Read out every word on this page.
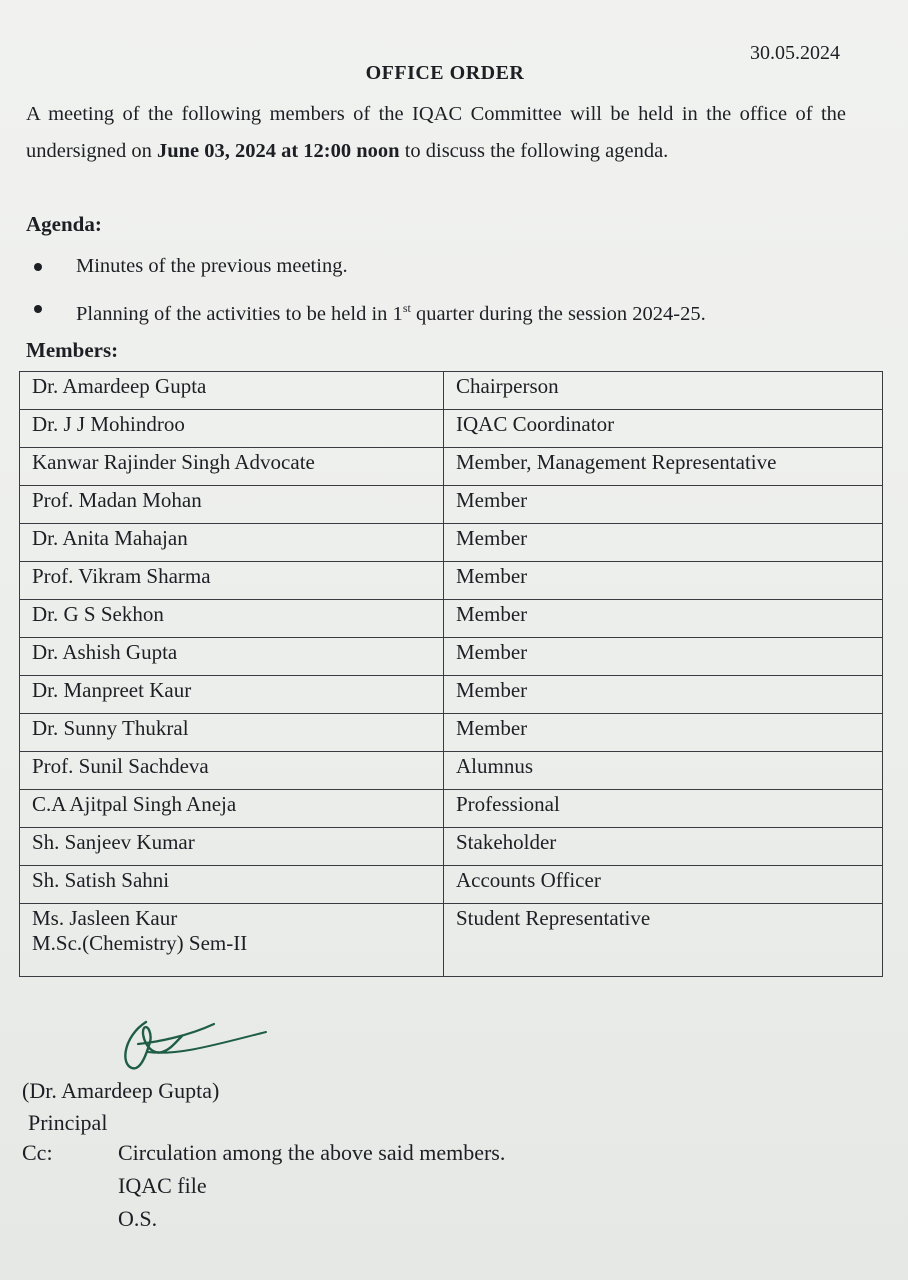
30.05.2024
OFFICE ORDER
A meeting of the following members of the IQAC Committee will be held in the office of the undersigned on June 03, 2024 at 12:00 noon to discuss the following agenda.
Agenda:
Minutes of the previous meeting.
Planning of the activities to be held in 1st quarter during the session 2024-25.
Members:
Dr. Amardeep Gupta	Chairperson
Dr. J J Mohindroo	IQAC Coordinator
Kanwar Rajinder Singh Advocate	Member, Management Representative
Prof. Madan Mohan	Member
Dr. Anita Mahajan	Member
Prof. Vikram Sharma	Member
Dr. G S Sekhon	Member
Dr. Ashish Gupta	Member
Dr. Manpreet Kaur	Member
Dr. Sunny Thukral	Member
Prof. Sunil Sachdeva	Alumnus
C.A Ajitpal Singh Aneja	Professional
Sh. Sanjeev Kumar	Stakeholder
Sh. Satish Sahni	Accounts Officer

Ms. Jasleen Kaur
M.Sc.(Chemistry) Sem-II	Student Representative
(Dr. Amardeep Gupta)
Principal
Cc:	Circulation among the above said members.
IQAC file
O.S.
